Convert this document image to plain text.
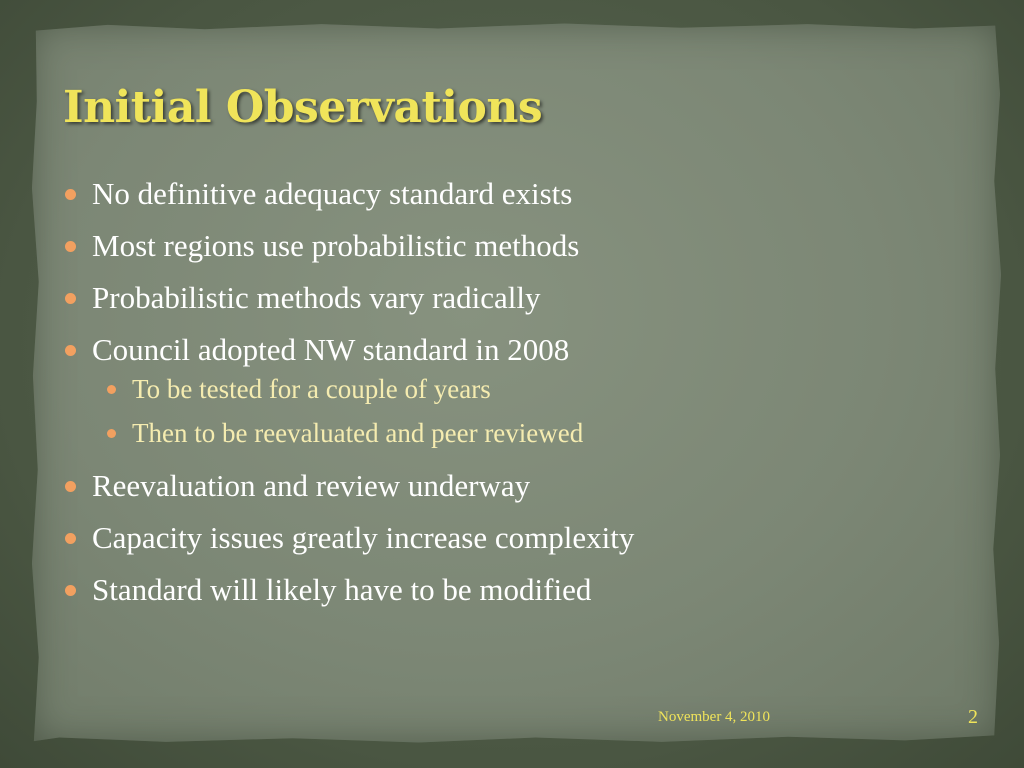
Initial Observations
No definitive adequacy standard exists
Most regions use probabilistic methods
Probabilistic methods vary radically
Council adopted NW standard in 2008
To be tested for a couple of years
Then to be reevaluated and peer reviewed
Reevaluation and review underway
Capacity issues greatly increase complexity
Standard will likely have to be modified
November 4, 2010	2
